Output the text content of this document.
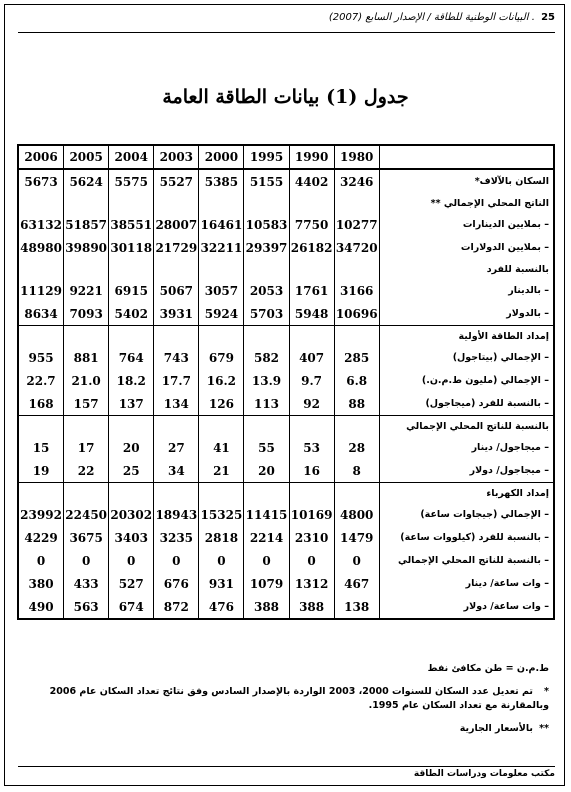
25 . البيانات الوطنية للطاقة / الإصدار السابع (2007)
جدول (1) بيانات الطاقة العامة
2006	2005	2004	2003	2000	1995	1990	1980	
5673	5624	5575	5527	5385	5155	4402	3246	السكان بالآلاف*
								الناتج المحلي الإجمالي **
63132	51857	38551	28007	16461	10583	7750	10277	– بملايين الدينارات
48980	39890	30118	21729	32211	29397	26182	34720	– بملايين الدولارات
								بالنسبة للفرد
11129	9221	6915	5067	3057	2053	1761	3166	– بالدينار
8634	7093	5402	3931	5924	5703	5948	10696	– بالدولار
								إمداد الطاقة الأولية
955	881	764	743	679	582	407	285	– الإجمالي (بيتاجول)
22.7	21.0	18.2	17.7	16.2	13.9	9.7	6.8	– الإجمالي (مليون ط.م.ن.)
168	157	137	134	126	113	92	88	– بالنسبة للفرد (ميجاجول)
								بالنسبة للناتج المحلي الإجمالي
15	17	20	27	41	55	53	28	– ميجاجول/ دينار
19	22	25	34	21	20	16	8	– ميجاجول/ دولار
								إمداد الكهرباء
23992	22450	20302	18943	15325	11415	10169	4800	– الإجمالي (جيجاوات ساعة)
4229	3675	3403	3235	2818	2214	2310	1479	– بالنسبة للفرد (كيلووات ساعة)
0	0	0	0	0	0	0	0	– بالنسبة للناتج المحلي الإجمالي
380	433	527	676	931	1079	1312	467	– وات ساعة/ دينار
490	563	674	872	476	388	388	138	– وات ساعة/ دولار
ط.م.ن = طن مكافئ نفط
*تم تعديل عدد السكان للسنوات 2000، 2003 الواردة بالإصدار السادس وفق نتائج تعداد السكان عام 2006 وبالمقارنة مع تعداد السكان عام 1995.
**بالأسعار الجارية
مكتب معلومات ودراسات الطاقة
